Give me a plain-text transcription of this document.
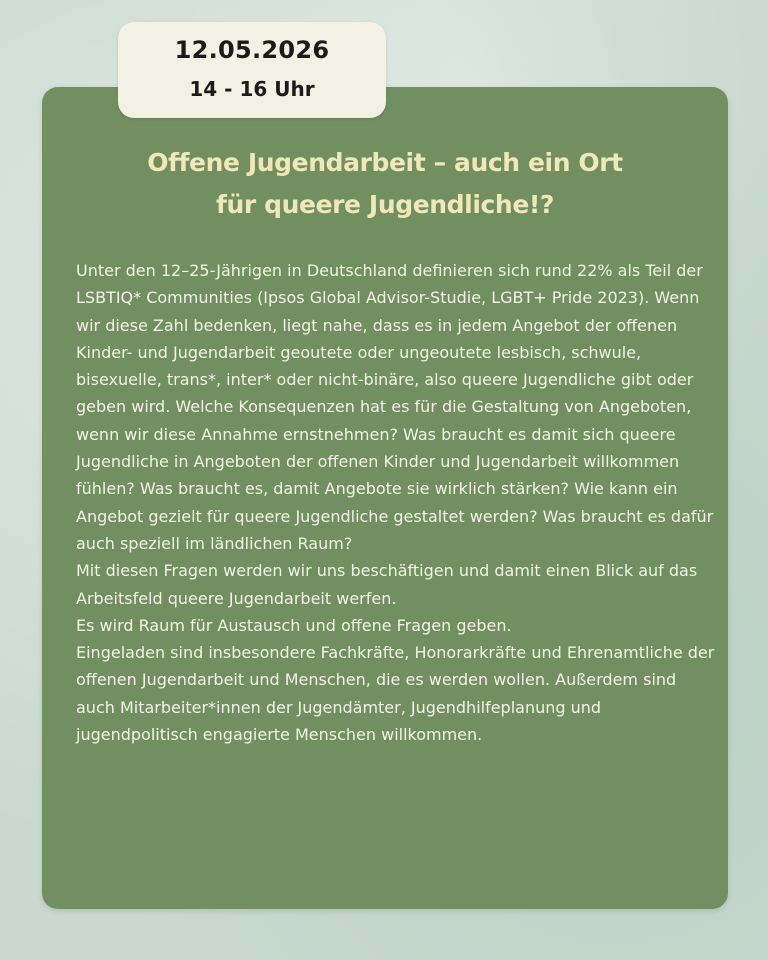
12.05.2026
14 - 16 Uhr
Offene Jugendarbeit – auch ein Ort
für queere Jugendliche!?

Unter den 12–25-Jährigen in Deutschland definieren sich rund 22% als Teil der LSBTIQ* Communities (Ipsos Global Advisor-Studie, LGBT+ Pride 2023). Wenn wir diese Zahl bedenken, liegt nahe, dass es in jedem Angebot der offenen Kinder- und Jugendarbeit geoutete oder ungeoutete lesbisch, schwule, bisexuelle, trans*, inter* oder nicht-binäre, also queere Jugendliche gibt oder geben wird. Welche Konsequenzen hat es für die Gestaltung von Angeboten, wenn wir diese Annahme ernstnehmen? Was braucht es damit sich queere Jugendliche in Angeboten der offenen Kinder und Jugendarbeit willkommen fühlen? Was braucht es, damit Angebote sie wirklich stärken? Wie kann ein Angebot gezielt für queere Jugendliche gestaltet werden? Was braucht es dafür auch speziell im ländlichen Raum?

Mit diesen Fragen werden wir uns beschäftigen und damit einen Blick auf das Arbeitsfeld queere Jugendarbeit werfen.

Es wird Raum für Austausch und offene Fragen geben.

Eingeladen sind insbesondere Fachkräfte, Honorarkräfte und Ehrenamtliche der offenen Jugendarbeit und Menschen, die es werden wollen. Außerdem sind auch Mitarbeiter*innen der Jugendämter, Jugendhilfeplanung und jugendpolitisch engagierte Menschen willkommen.
